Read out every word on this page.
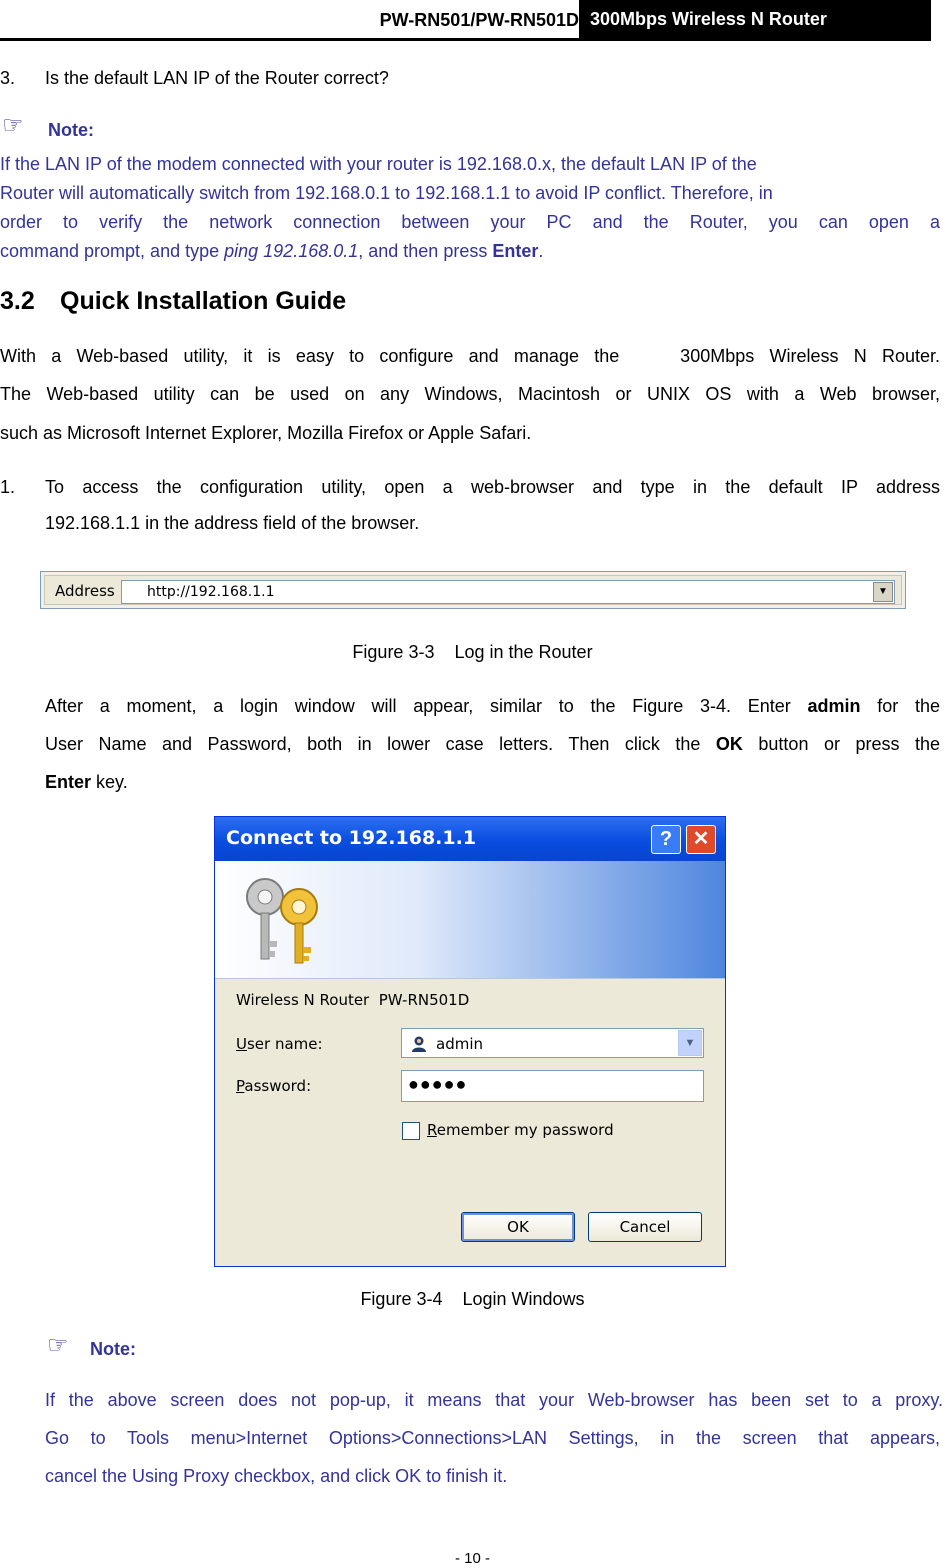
PW-RN501/PW-RN501D 300Mbps Wireless N Router
3. Is the default LAN IP of the Router correct?
☞ Note:
If the LAN IP of the modem connected with your router is 192.168.0.x, the default LAN IP of the
Router will automatically switch from 192.168.0.1 to 192.168.1.1 to avoid IP conflict. Therefore, in
order to verify the network connection between your PC and the Router, you can open a
command prompt, and type ping 192.168.0.1, and then press Enter.
3.2 Quick Installation Guide
With a Web-based utility, it is easy to configure and manage the    300Mbps Wireless N Router.
The Web-based utility can be used on any Windows, Macintosh or UNIX OS with a Web browser,
such as Microsoft Internet Explorer, Mozilla Firefox or Apple Safari.
1. To access the configuration utility, open a web-browser and type in the default IP address
192.168.1.1 in the address field of the browser.
Address http://192.168.1.1	▼
Figure 3-3    Log in the Router
After a moment, a login window will appear, similar to the Figure 3-4. Enter admin for the
User Name and Password, both in lower case letters. Then click the OK button or press the
Enter key.
Connect to 192.168.1.1	?	✕
Wireless N Router  PW-RN501D
User name:	admin	▼
Password:	●●●●●
Remember my password
OK	Cancel
Figure 3-4    Login Windows
☞ Note:
If the above screen does not pop-up, it means that your Web-browser has been set to a proxy.
Go to Tools menu>Internet Options>Connections>LAN Settings, in the screen that appears,
cancel the Using Proxy checkbox, and click OK to finish it.
- 10 -
